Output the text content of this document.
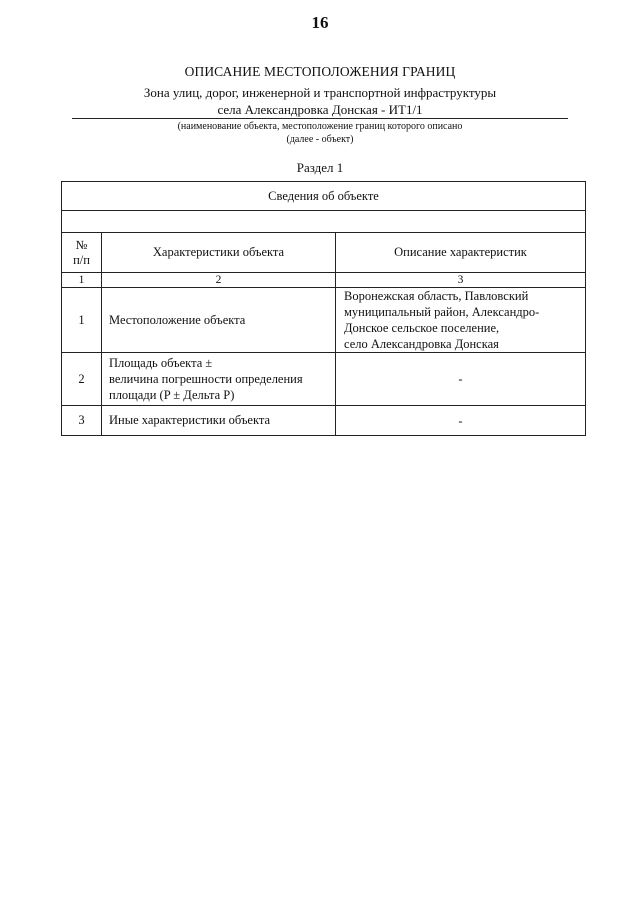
16
ОПИСАНИЕ МЕСТОПОЛОЖЕНИЯ ГРАНИЦ
Зона улиц, дорог, инженерной и транспортной инфраструктуры
села Александровка Донская - ИТ1/1
(наименование объекта, местоположение границ которого описано
(далее - объект)
Раздел 1
Сведения об объекте		

№
п/п	Характеристики объекта	Описание характеристик
1	2	3
1	Местоположение объекта	Воронежская область, Павловский
муниципальный район, Александро-
Донское сельское поселение,
село Александровка Донская

2	Площадь объекта ±
величина погрешности определения
площади (P ± Дельта P)	-
3	Иные характеристики объекта	-
